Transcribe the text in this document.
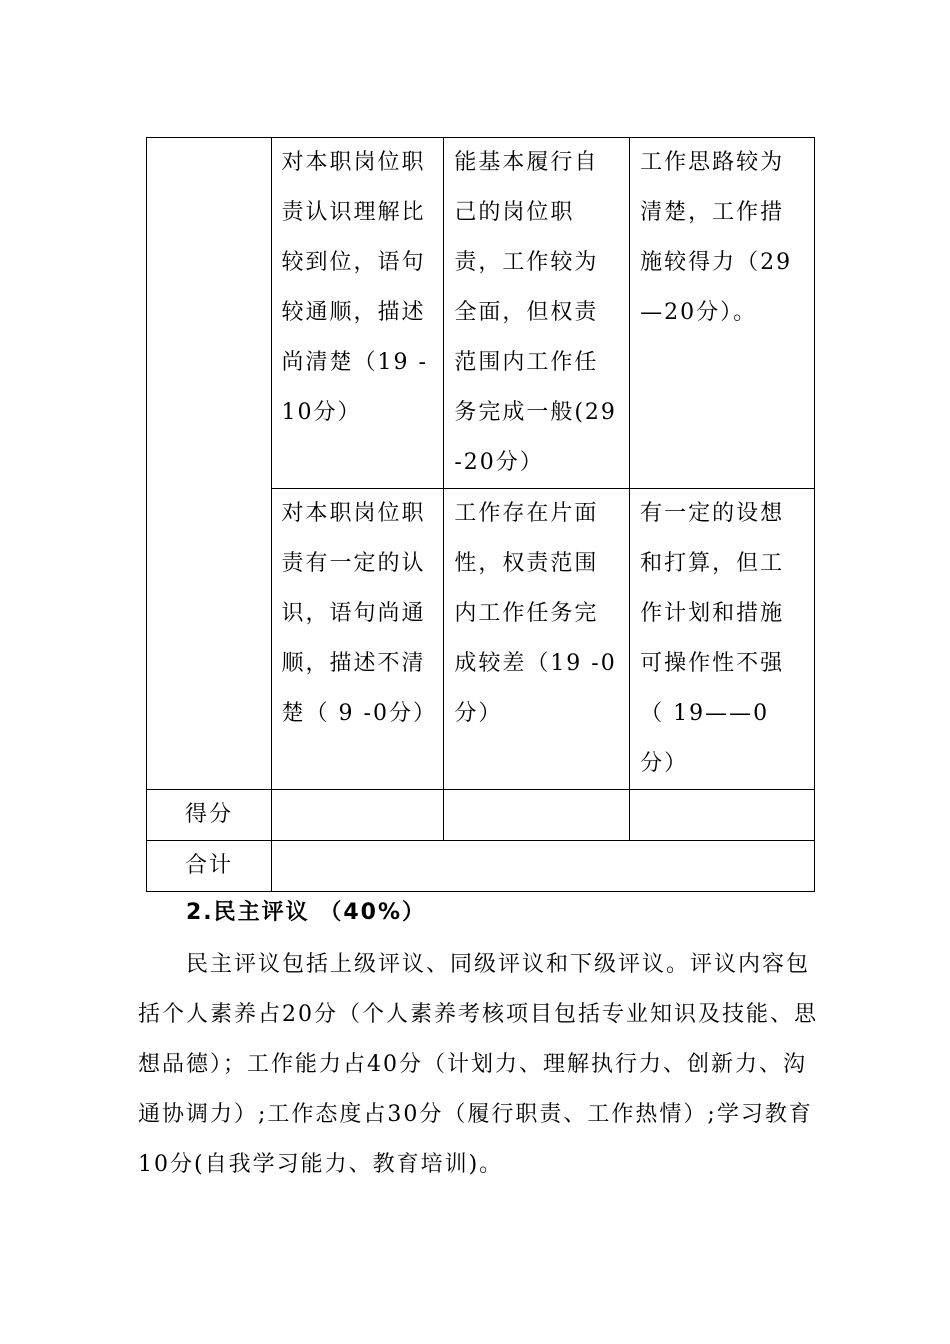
	对本职岗位职责认识理解比较到位，语句较通顺，描述尚清楚（19 -10分）	能基本履行自己的岗位职责，工作较为全面，但权责范围内工作任务完成一般(29 -20分）	工作思路较为清楚，工作措施较得力（29—20分）。

	对本职岗位职责有一定的认识，语句尚通顺，描述不清楚（ 9 -0分）	工作存在片面性，权责范围内工作任务完成较差（19 -0分）	有一定的设想和打算，但工作计划和措施可操作性不强（ 19——0分）

得分			

合计			

2.民主评议 （40%）

民主评议包括上级评议、同级评议和下级评议。评议内容包括个人素养占20分（个人素养考核项目包括专业知识及技能、思想品德）；工作能力占40分（计划力、理解执行力、创新力、沟通协调力）;工作态度占30分（履行职责、工作热情）;学习教育10分(自我学习能力、教育培训)。
